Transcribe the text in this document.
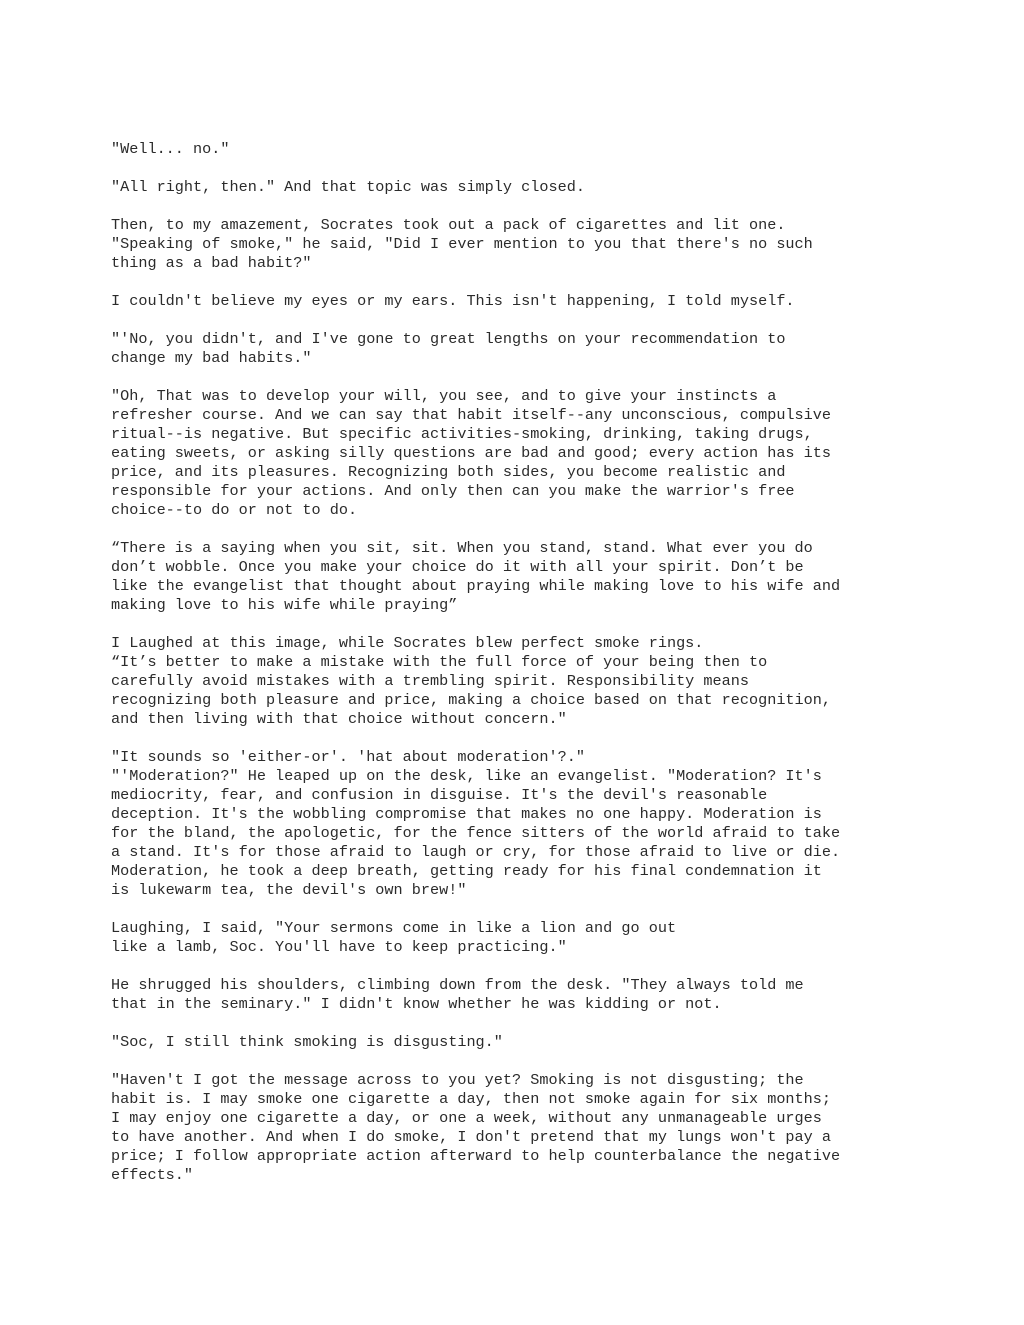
"Well... no."
"All right, then." And that topic was simply closed.
Then, to my amazement, Socrates took out a pack of cigarettes and lit one.
"Speaking of smoke," he said, "Did I ever mention to you that there's no such
thing as a bad habit?"
I couldn't believe my eyes or my ears. This isn't happening, I told myself.
"'No, you didn't, and I've gone to great lengths on your recommendation to
change my bad habits."
"Oh, That was to develop your will, you see, and to give your instincts a
refresher course. And we can say that habit itself--any unconscious, compulsive
ritual--is negative. But specific activities-smoking, drinking, taking drugs,
eating sweets, or asking silly questions are bad and good; every action has its
price, and its pleasures. Recognizing both sides, you become realistic and
responsible for your actions. And only then can you make the warrior's free
choice--to do or not to do.
“There is a saying when you sit, sit. When you stand, stand. What ever you do
don’t wobble. Once you make your choice do it with all your spirit. Don’t be
like the evangelist that thought about praying while making love to his wife and
making love to his wife while praying”
I Laughed at this image, while Socrates blew perfect smoke rings.
“It’s better to make a mistake with the full force of your being then to
carefully avoid mistakes with a trembling spirit. Responsibility means
recognizing both pleasure and price, making a choice based on that recognition,
and then living with that choice without concern."
"It sounds so 'either-or'. 'hat about moderation'?."
"'Moderation?" He leaped up on the desk, like an evangelist. "Moderation? It's
mediocrity, fear, and confusion in disguise. It's the devil's reasonable
deception. It's the wobbling compromise that makes no one happy. Moderation is
for the bland, the apologetic, for the fence sitters of the world afraid to take
a stand. It's for those afraid to laugh or cry, for those afraid to live or die.
Moderation, he took a deep breath, getting ready for his final condemnation it
is lukewarm tea, the devil's own brew!"
Laughing, I said, "Your sermons come in like a lion and go out
like a lamb, Soc. You'll have to keep practicing."
He shrugged his shoulders, climbing down from the desk. "They always told me
that in the seminary." I didn't know whether he was kidding or not.
"Soc, I still think smoking is disgusting."
"Haven't I got the message across to you yet? Smoking is not disgusting; the
habit is. I may smoke one cigarette a day, then not smoke again for six months;
I may enjoy one cigarette a day, or one a week, without any unmanageable urges
to have another. And when I do smoke, I don't pretend that my lungs won't pay a
price; I follow appropriate action afterward to help counterbalance the negative
effects."
